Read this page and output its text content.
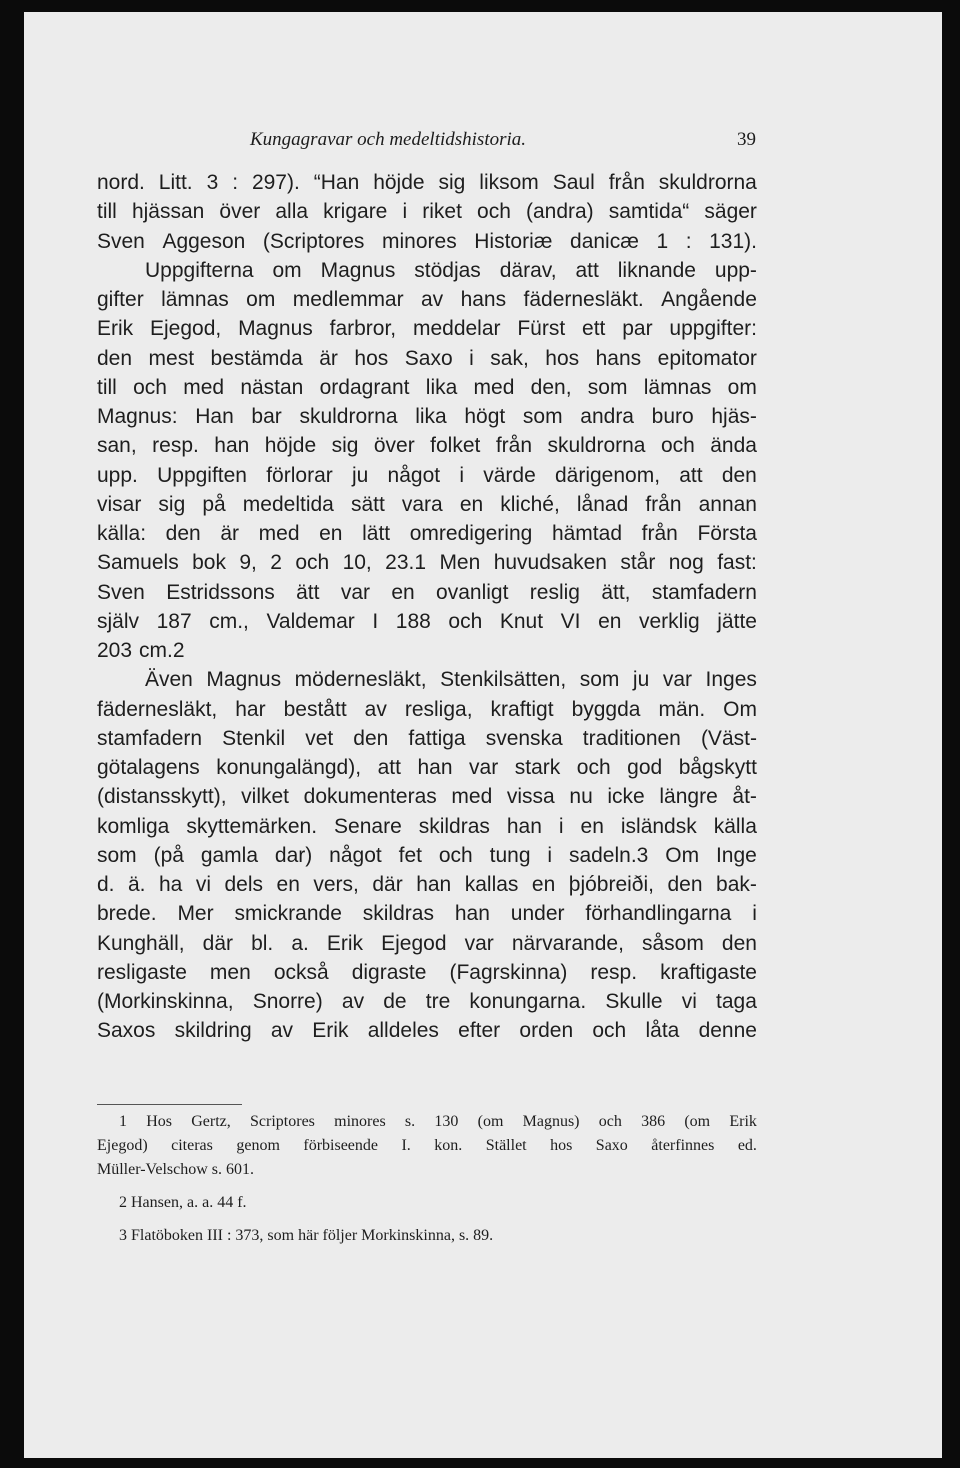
Kungagravar och medeltidshistoria.	39
nord. Litt. 3 : 297). “Han höjde sig liksom Saul från skuldrorna
till hjässan över alla krigare i riket och (andra) samtida“ säger
Sven Aggeson (Scriptores minores Historiæ danicæ 1 : 131).
Uppgifterna om Magnus stödjas därav, att liknande upp-
gifter lämnas om medlemmar av hans fädernesläkt. Angående
Erik Ejegod, Magnus farbror, meddelar Fürst ett par uppgifter:
den mest bestämda är hos Saxo i sak, hos hans epitomator
till och med nästan ordagrant lika med den, som lämnas om
Magnus: Han bar skuldrorna lika högt som andra buro hjäs-
san, resp. han höjde sig över folket från skuldrorna och ända
upp. Uppgiften förlorar ju något i värde därigenom, att den
visar sig på medeltida sätt vara en kliché, lånad från annan
källa: den är med en lätt omredigering hämtad från Första
Samuels bok 9, 2 och 10, 23.1 Men huvudsaken står nog fast:
Sven Estridssons ätt var en ovanligt reslig ätt, stamfadern
själv 187 cm., Valdemar I 188 och Knut VI en verklig jätte
203 cm.2
Även Magnus mödernesläkt, Stenkilsätten, som ju var Inges
fädernesläkt, har bestått av resliga, kraftigt byggda män. Om
stamfadern Stenkil vet den fattiga svenska traditionen (Väst-
götalagens konungalängd), att han var stark och god bågskytt
(distansskytt), vilket dokumenteras med vissa nu icke längre åt-
komliga skyttemärken. Senare skildras han i en isländsk källa
som (på gamla dar) något fet och tung i sadeln.3 Om Inge
d. ä. ha vi dels en vers, där han kallas en þjóbreiði, den bak-
brede. Mer smickrande skildras han under förhandlingarna i
Kunghäll, där bl. a. Erik Ejegod var närvarande, såsom den
resligaste men också digraste (Fagrskinna) resp. kraftigaste
(Morkinskinna, Snorre) av de tre konungarna. Skulle vi taga
Saxos skildring av Erik alldeles efter orden och låta denne
1 Hos Gertz, Scriptores minores s. 130 (om Magnus) och 386 (om Erik
Ejegod) citeras genom förbiseende I. kon. Stället hos Saxo återfinnes ed.
Müller-Velschow s. 601.
2 Hansen, a. a. 44 f.
3 Flatöboken III : 373, som här följer Morkinskinna, s. 89.
